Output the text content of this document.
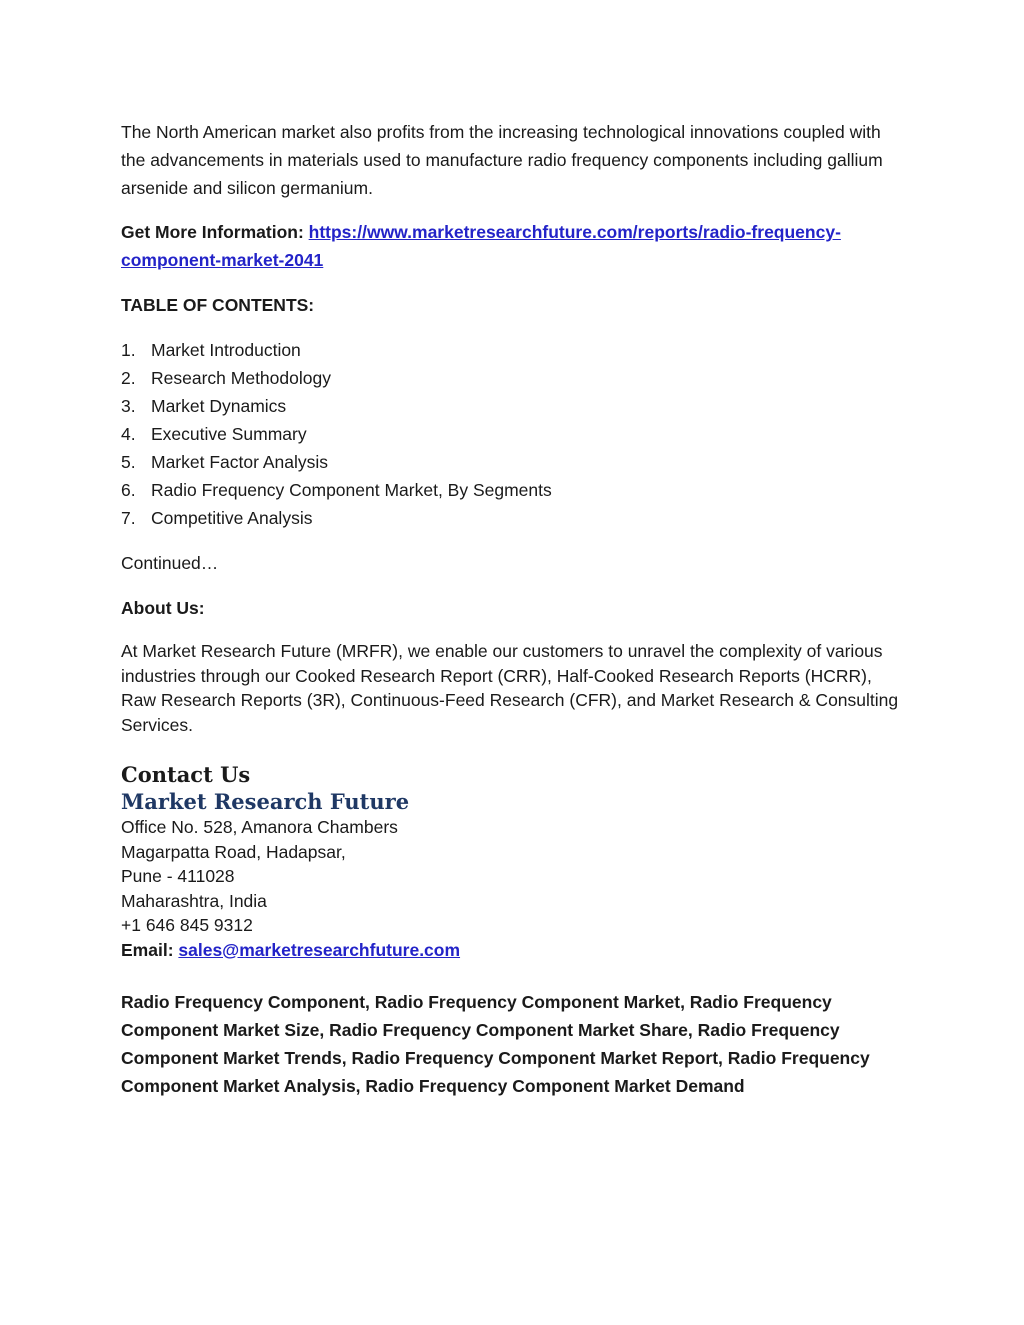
The North American market also profits from the increasing technological innovations coupled with the advancements in materials used to manufacture radio frequency components including gallium arsenide and silicon germanium.

Get More Information: https://www.marketresearchfuture.com/reports/radio-frequency-component-market-2041

TABLE OF CONTENTS:

1. Market Introduction
2. Research Methodology
3. Market Dynamics
4. Executive Summary
5. Market Factor Analysis
6. Radio Frequency Component Market, By Segments
7. Competitive Analysis

Continued…

About Us:

At Market Research Future (MRFR), we enable our customers to unravel the complexity of various industries through our Cooked Research Report (CRR), Half-Cooked Research Reports (HCRR), Raw Research Reports (3R), Continuous-Feed Research (CFR), and Market Research & Consulting Services.

Contact Us
Market Research Future
Office No. 528, Amanora Chambers
Magarpatta Road, Hadapsar,
Pune - 411028
Maharashtra, India
+1 646 845 9312
Email: sales@marketresearchfuture.com

Radio Frequency Component, Radio Frequency Component Market, Radio Frequency Component Market Size, Radio Frequency Component Market Share, Radio Frequency Component Market Trends, Radio Frequency Component Market Report, Radio Frequency Component Market Analysis, Radio Frequency Component Market Demand
